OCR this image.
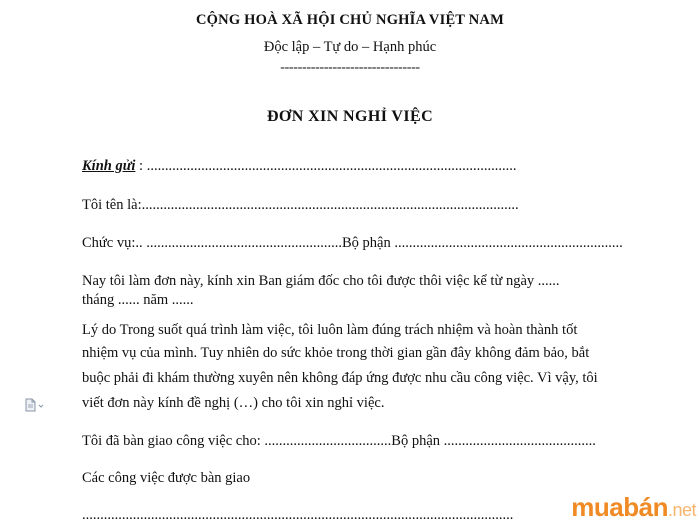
CỘNG HOÀ XÃ HỘI CHỦ NGHĨA VIỆT NAM
Độc lập – Tự do – Hạnh phúc
--------------------------------
ĐƠN XIN NGHỈ VIỆC
Kính gửi : ......................................................................................................
Tôi tên là:........................................................................................................
Chức vụ:.. ......................................................Bộ phận ...............................................................
Nay tôi làm đơn này, kính xin Ban giám đốc cho tôi được thôi việc kể từ ngày ......
tháng ...... năm ......
Lý do Trong suốt quá trình làm việc, tôi luôn làm đúng trách nhiệm và hoàn thành tốt
nhiệm vụ của mình. Tuy nhiên do sức khỏe trong thời gian gần đây không đảm bảo, bắt
buộc phải đi khám thường xuyên nên không đáp ứng được nhu cầu công việc. Vì vậy, tôi
viết đơn này kính đề nghị (…) cho tôi xin nghỉ việc.
Tôi đã bàn giao công việc cho: ...................................Bộ phận ..........................................
Các công việc được bàn giao
....................................................................................................................... muabán.net
